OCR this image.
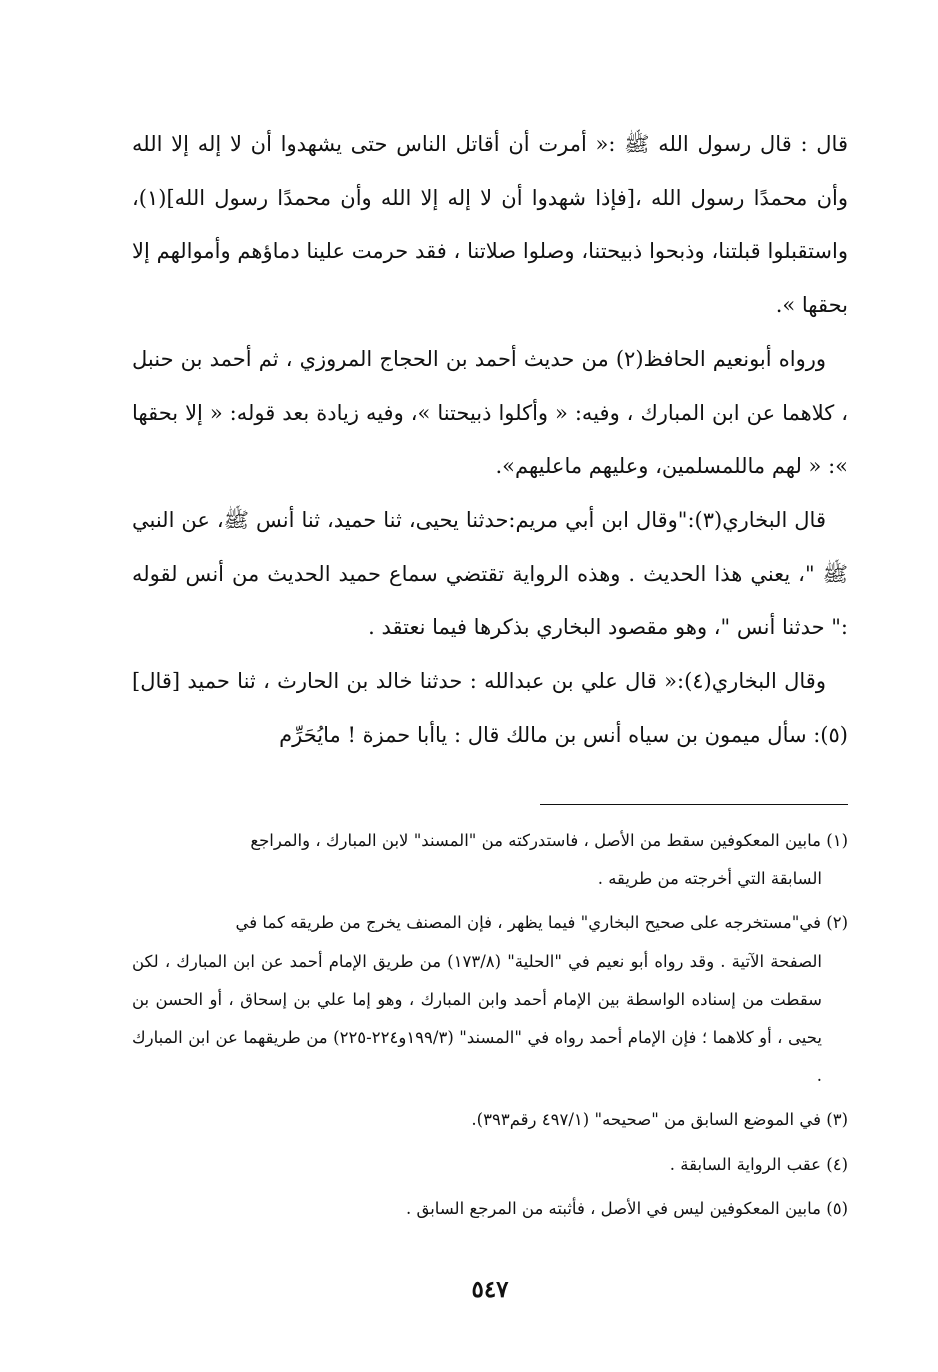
قال : قال رسول الله ﷺ :« أمرت أن أقاتل الناس حتى يشهدوا أن لا إله إلا الله وأن محمدًا رسول الله ،[فإذا شهدوا أن لا إله إلا الله وأن محمدًا رسول الله](١)، واستقبلوا قبلتنا، وذبحوا ذبيحتنا، وصلوا صلاتنا ، فقد حرمت علينا دماؤهم وأموالهم إلا بحقها ».

ورواه أبونعيم الحافظ(٢) من حديث أحمد بن الحجاج المروزي ، ثم أحمد بن حنبل ، كلاهما عن ابن المبارك ، وفيه: « وأكلوا ذبيحتنا »، وفيه زيادة بعد قوله: « إلا بحقها »: « لهم ماللمسلمين، وعليهم ماعليهم».

قال البخاري(٣):"وقال ابن أبي مريم:حدثنا يحيى، ثنا حميد، ثنا أنس ﷺ، عن النبي ﷺ "، يعني هذا الحديث . وهذه الرواية تقتضي سماع حميد الحديث من أنس لقوله :" حدثنا أنس "، وهو مقصود البخاري بذكرها فيما نعتقد .

وقال البخاري(٤):« قال علي بن عبدالله : حدثنا خالد بن الحارث ، ثنا حميد [قال](٥): سأل ميمون بن سياه أنس بن مالك قال : ياأبا حمزة ! مايُحَرِّم

(١) مابين المعكوفين سقط من الأصل ، فاستدركته من "المسند" لابن المبارك ، والمراجع
السابقة التي أخرجته من طريقه .
(٢) في"مستخرجه على صحيح البخاري" فيما يظهر ، فإن المصنف يخرج من طريقه كما في
الصفحة الآتية . وقد رواه أبو نعيم في "الحلية" (١٧٣/٨) من طريق الإمام أحمد عن ابن المبارك ، لكن سقطت من إسناده الواسطة بين الإمام أحمد وابن المبارك ، وهو إما علي بن إسحاق ، أو الحسن بن يحيى ، أو كلاهما ؛ فإن الإمام أحمد رواه في "المسند" (١٩٩/٣و٢٢٤-٢٢٥) من طريقهما عن ابن المبارك .
(٣) في الموضع السابق من "صحيحه" (٤٩٧/١ رقم٣٩٣).
(٤) عقب الرواية السابقة .
(٥) مابين المعكوفين ليس في الأصل ، فأثبته من المرجع السابق .
٥٤٧
